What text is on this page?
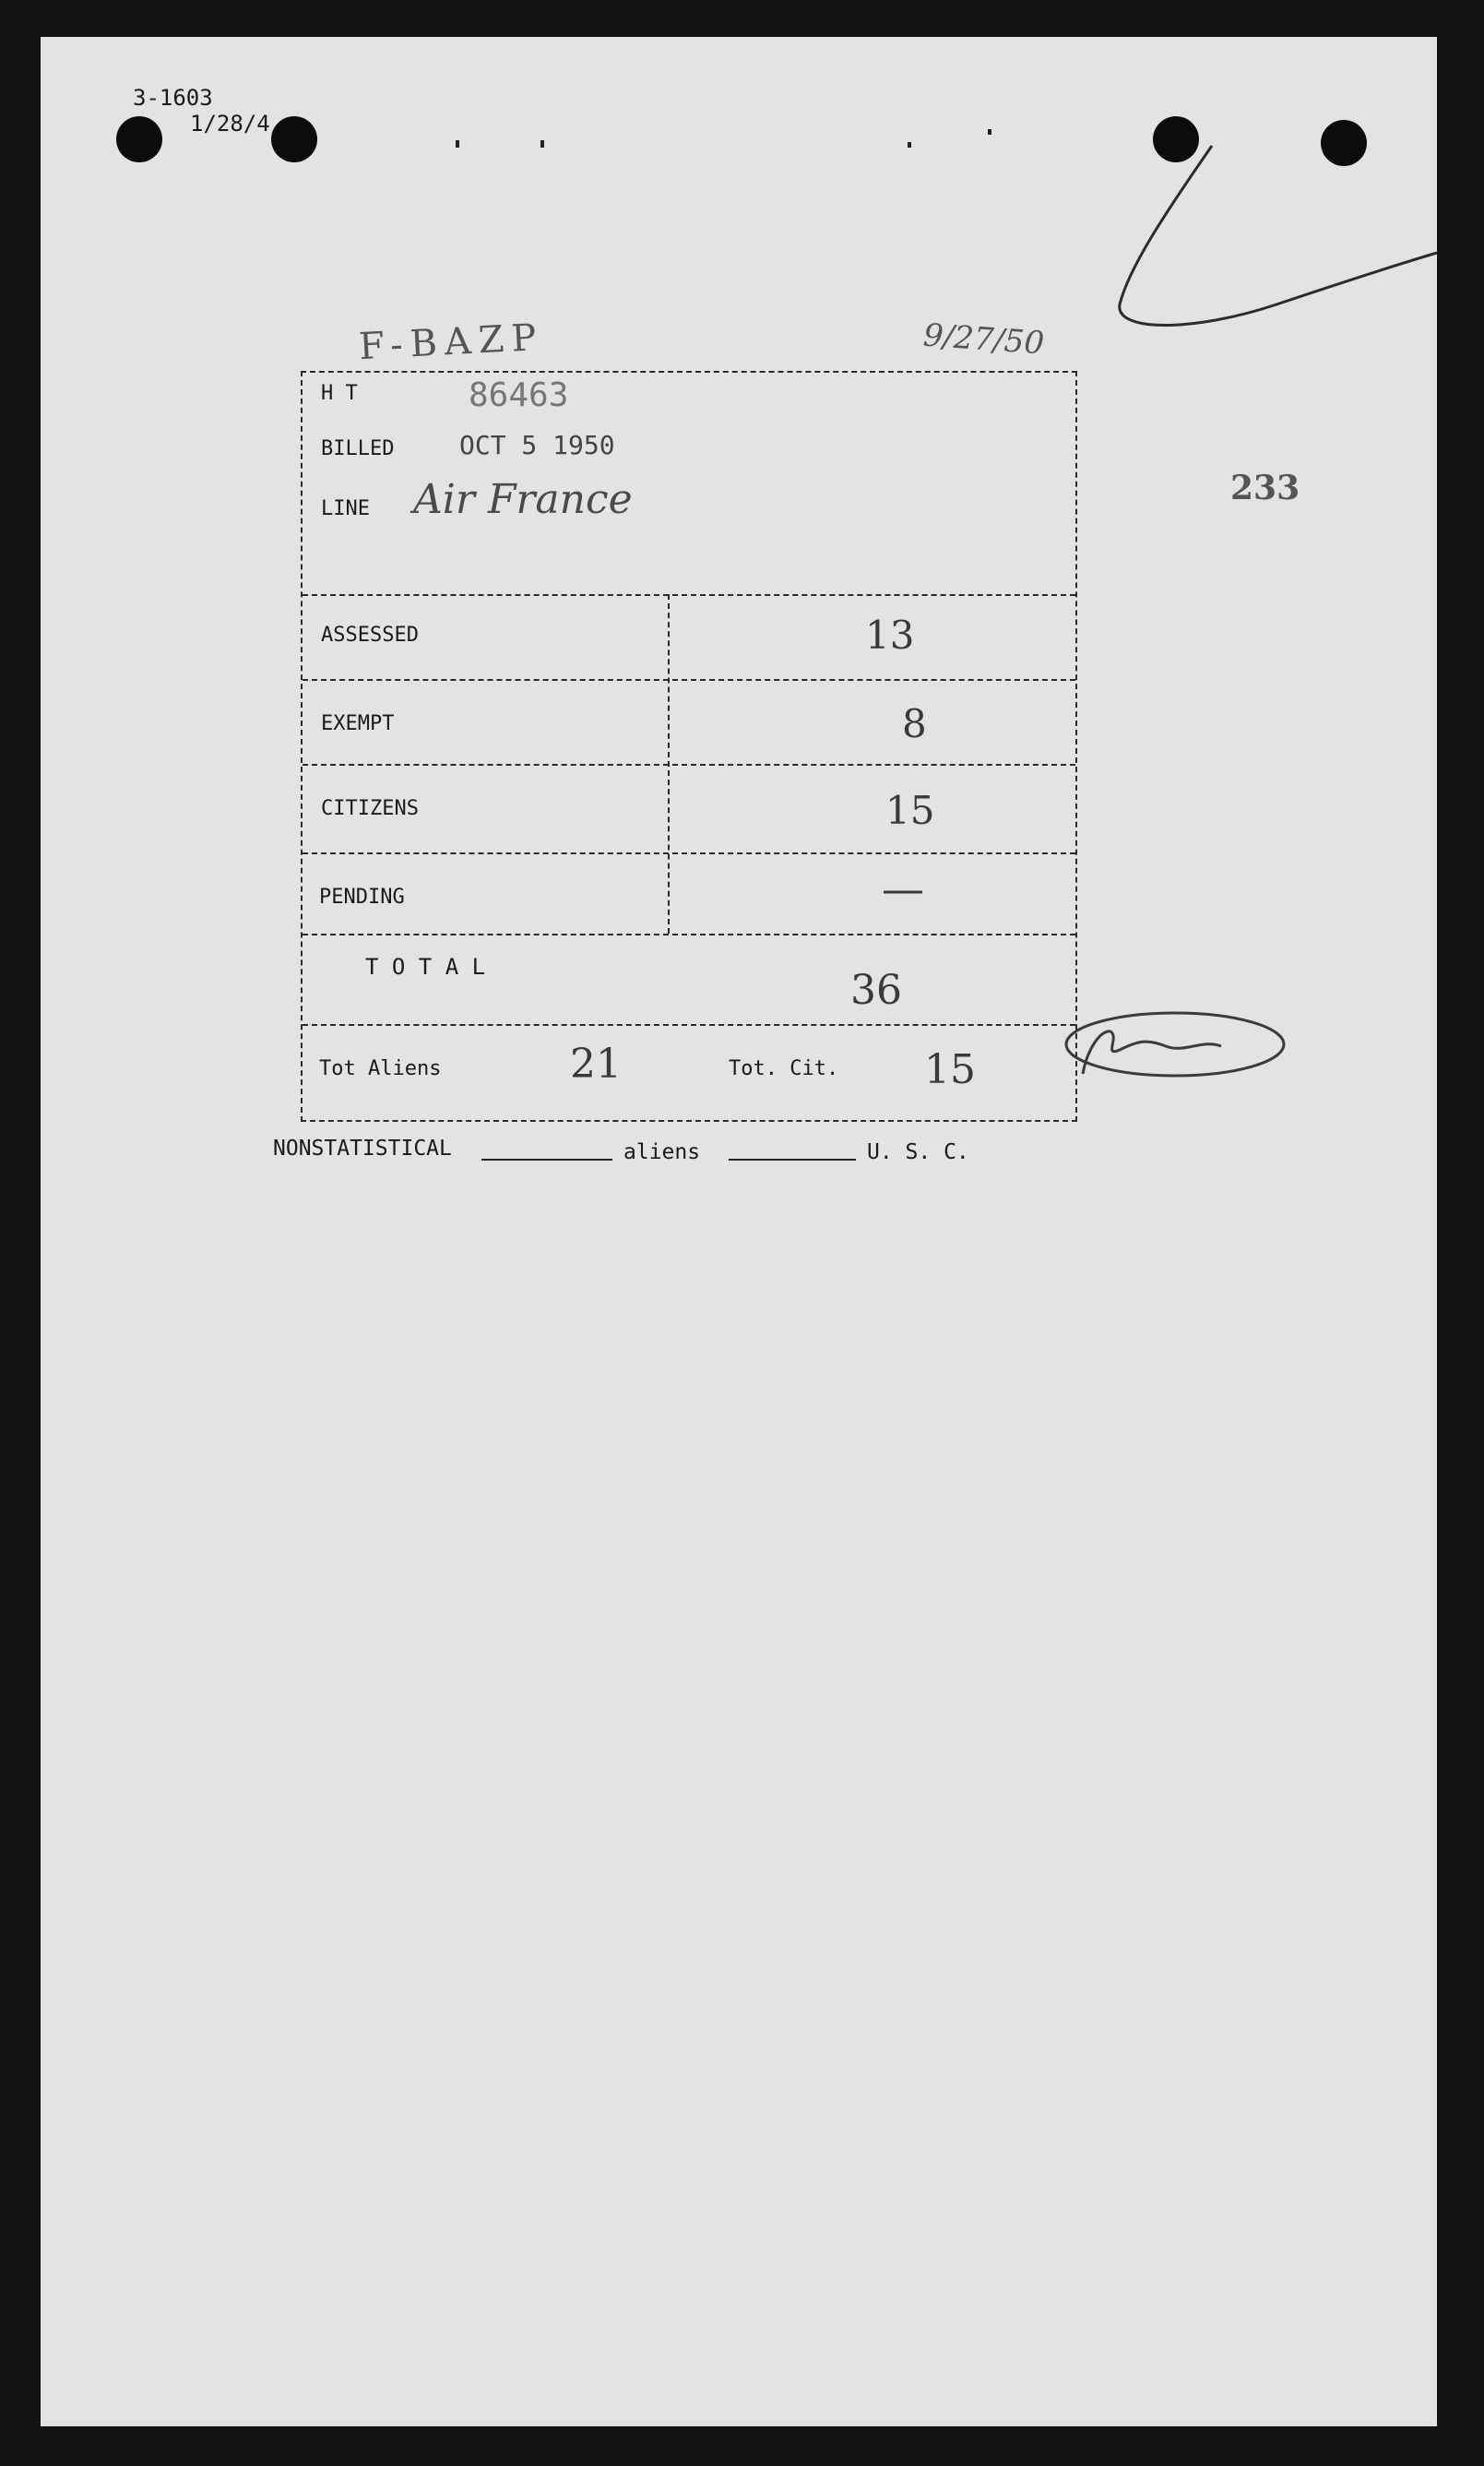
3-1603
1/28/4
F-BAZP	9/27/50
233
H T	86463
BILLED	OCT 5 1950
LINE Air France
ASSESSED	13
EXEMPT	8
CITIZENS	15
PENDING	—
T O T A L	36
Tot Aliens	21	Tot. Cit. 15
NONSTATISTICAL	aliens	U. S. C.
